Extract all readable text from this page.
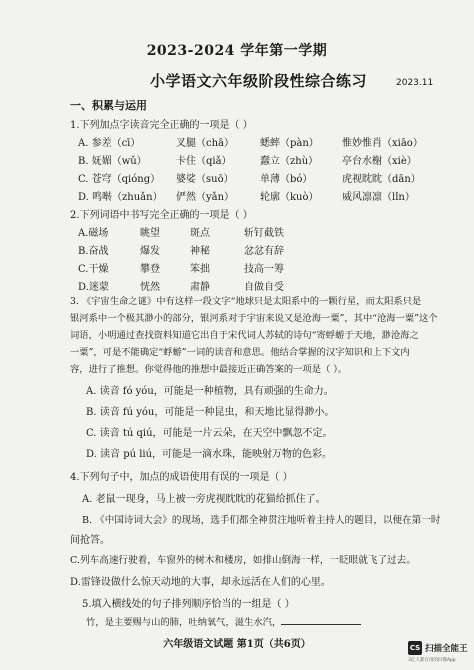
2023-2024 学年第一学期
小学语文六年级阶段性综合练习	2023.11
一、积累与运用
1.下列加点字读音完全正确的一项是（ ）
A. 参差（cī）	叉腿（chā）	蟋蟀（pàn） 惟妙惟肖（xiāo）
B. 妩媚（wǔ）	卡住（qiǎ）	蠢立（zhù） 亭台水榭（xiè）
C. 苍穹（qióng） 婆娑（suō）	单薄（bó）	虎视眈眈（dān）
D. 鸣啭（zhuǎn） 俨然（yǎn）	轮廓（kuò） 威风凛凛（lǐn）
2.下列词语中书写完全正确的一项是（ ）
A.磁场	眺望	斑点	斩钉截铁
B.奋战	爆发	神秘	忿忿有辞
C.干燥	攀登	笨拙	技高一筹
D.迷蒙	恍然	肃静	自做自受
3. 《宇宙生命之谜》中有这样一段文字“地球只是太阳系中的一颗行星，而太阳系只是
银河系中一个极其渺小的部分，银河系对于宇宙来说又是沧海一粟”，其中“沧海一粟”这个
词语，小明通过查找资料知道它出自于宋代词人苏轼的诗句“寄蜉蝣于天地，渺沧海之
一粟”，可是不能确定“蜉蝣”一词的读音和意思。他结合掌握的汉字知识和上下文内
容，进行了推想。你觉得他的推想中最接近正确答案的一项是（ ）。
A. 读音 fó yóu，可能是一种植物，具有顽强的生命力。
B. 读音 fú yóu，可能是一种昆虫，和天地比显得渺小。
C. 读音 tú qiú，可能是一片云朵，在天空中飘忽不定。
D. 读音 pú liú，可能是一滴水珠，能映射万物的色彩。
4.下列句子中，加点的成语使用有误的一项是（ ）
A. 老鼠一现身，马上被一旁虎视眈眈的花猫给抓住了。
B. 《中国诗词大会》的现场，选手们都全神贯注地听着主持人的题目，以便在第一时
间抢答。
C.列车高速行驶着，车窗外的树木和楼房，如排山倒海一样，一眨眼就飞了过去。
D.雷锋设做什么惊天动地的大事，却永远活在人们的心里。
5.填入横线处的句子排列顺序恰当的一组是（ ）
竹，是主要赐与山的肺，吐纳氧气，滋生水汽，
六年级语文试题 第1页（共6页）	CS 扫描全能王
3亿人都在用的扫描App
